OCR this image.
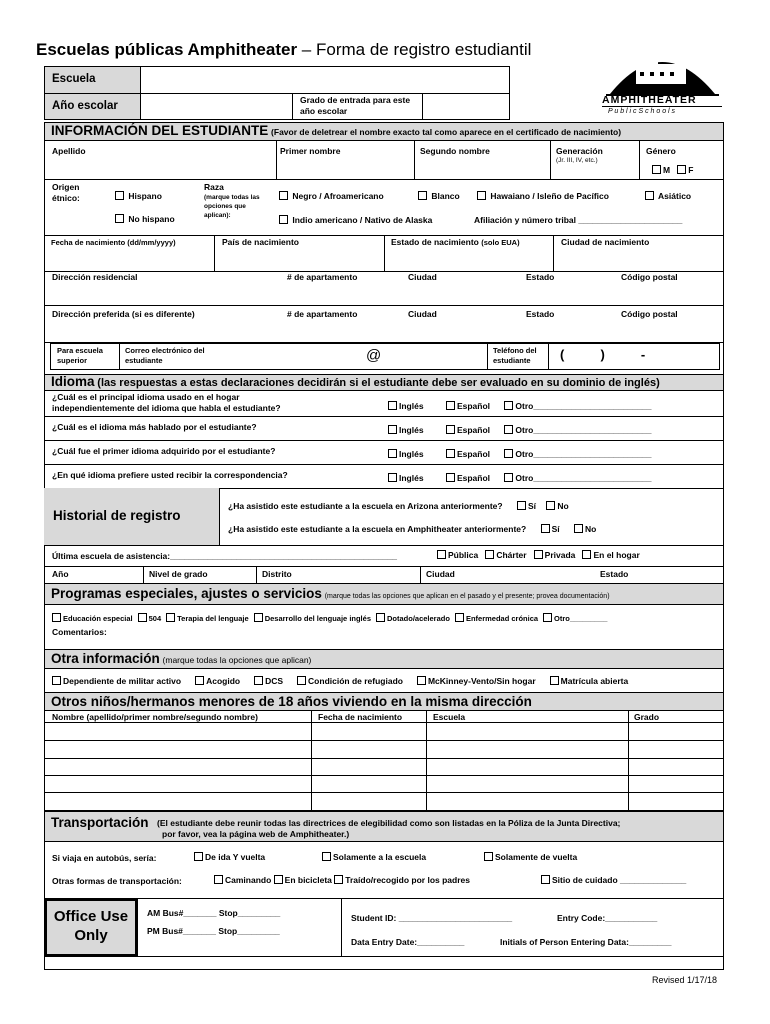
Escuelas públicas Amphitheater – Forma de registro estudiantil
AMPHITHEATER
P u b l i c S c h o o l s
Escuela
Año escolar	Grado de entrada para este año escolar
INFORMACIÓN DEL ESTUDIANTE (Favor de deletrear el nombre exacto tal como aparece en el certificado de nacimiento)
Apellido	Primer nombre	Segundo nombre	Generación
(Jr. III, IV, etc.)
Género
M F
Origen étnico:	Hispano
No hispano
Raza
(marque todas las opciones que aplican):
Negro / Afroamericano	Blanco	Hawaiano / Isleño de Pacífico	Asiático
Indio americano / Nativo de Alaska	Afiliación y número tribal ______________________
Fecha de nacimiento (dd/mm/yyyy)	País de nacimiento	Estado de nacimiento (solo EUA)	Ciudad de nacimiento
Dirección residencial	# de apartamento	Ciudad	Estado	Código postal
Dirección preferida (si es diferente)	# de apartamento	Ciudad	Estado	Código postal
Para escuela superior
Correo electrónico del estudiante	@	Teléfono del estudiante	(          )          -
Idioma (las respuestas a estas declaraciones decidirán si el estudiante debe ser evaluado en su dominio de inglés)
¿Cuál es el principal idioma usado en el hogar independientemente del idioma que habla el estudiante?	Inglés	Español	Otro_________________________
¿Cuál es el idioma más hablado por el estudiante?	Inglés	Español	Otro_________________________
¿Cuál fue el primer idioma adquirido por el estudiante?	Inglés	Español	Otro_________________________
¿En qué idioma prefiere usted recibir la correspondencia?	Inglés	Español	Otro_________________________
Historial de registro
¿Ha asistido este estudiante a la escuela en Arizona anteriormente?	Sí	No
¿Ha asistido este estudiante a la escuela en Amphitheater anteriormente?	Sí	No
Última escuela de asistencia:________________________________________________	Pública Chárter Privada En el hogar
Año	Nivel de grado	Distrito	Ciudad	Estado
Programas especiales, ajustes o servicios (marque todas las opciones que aplican en el pasado y el presente; provea documentación)
Educación especial 504 Terapia del lenguaje Desarrollo del lenguaje inglés Dotado/acelerado Enfermedad crónica Otro_________
Comentarios:
Otra información (marque todas la opciones que aplican)
Dependiente de militar activo	Acogido	DCS	Condición de refugiado	McKinney-Vento/Sin hogar	Matrícula abierta
Otros niños/hermanos menores de 18 años viviendo en la misma dirección
Nombre (apellido/primer nombre/segundo nombre)	Fecha de nacimiento	Escuela	Grado
Transportación (El estudiante debe reunir todas las directrices de elegibilidad como son listadas en la Póliza de la Junta Directiva;
por favor, vea la página web de Amphitheater.)
Si viaja en autobús, sería:	De ida Y vuelta	Solamente a la escuela	Solamente de vuelta
Otras formas de transportación:	Caminando En bicicleta Traído/recogido por los padres	Sitio de cuidado ______________
Office Use Only
AM Bus#_______ Stop_________
PM Bus#_______ Stop_________
Student ID: ________________________	Entry Code:___________
Data Entry Date:__________	Initials of Person Entering Data:_________
Revised 1/17/18
